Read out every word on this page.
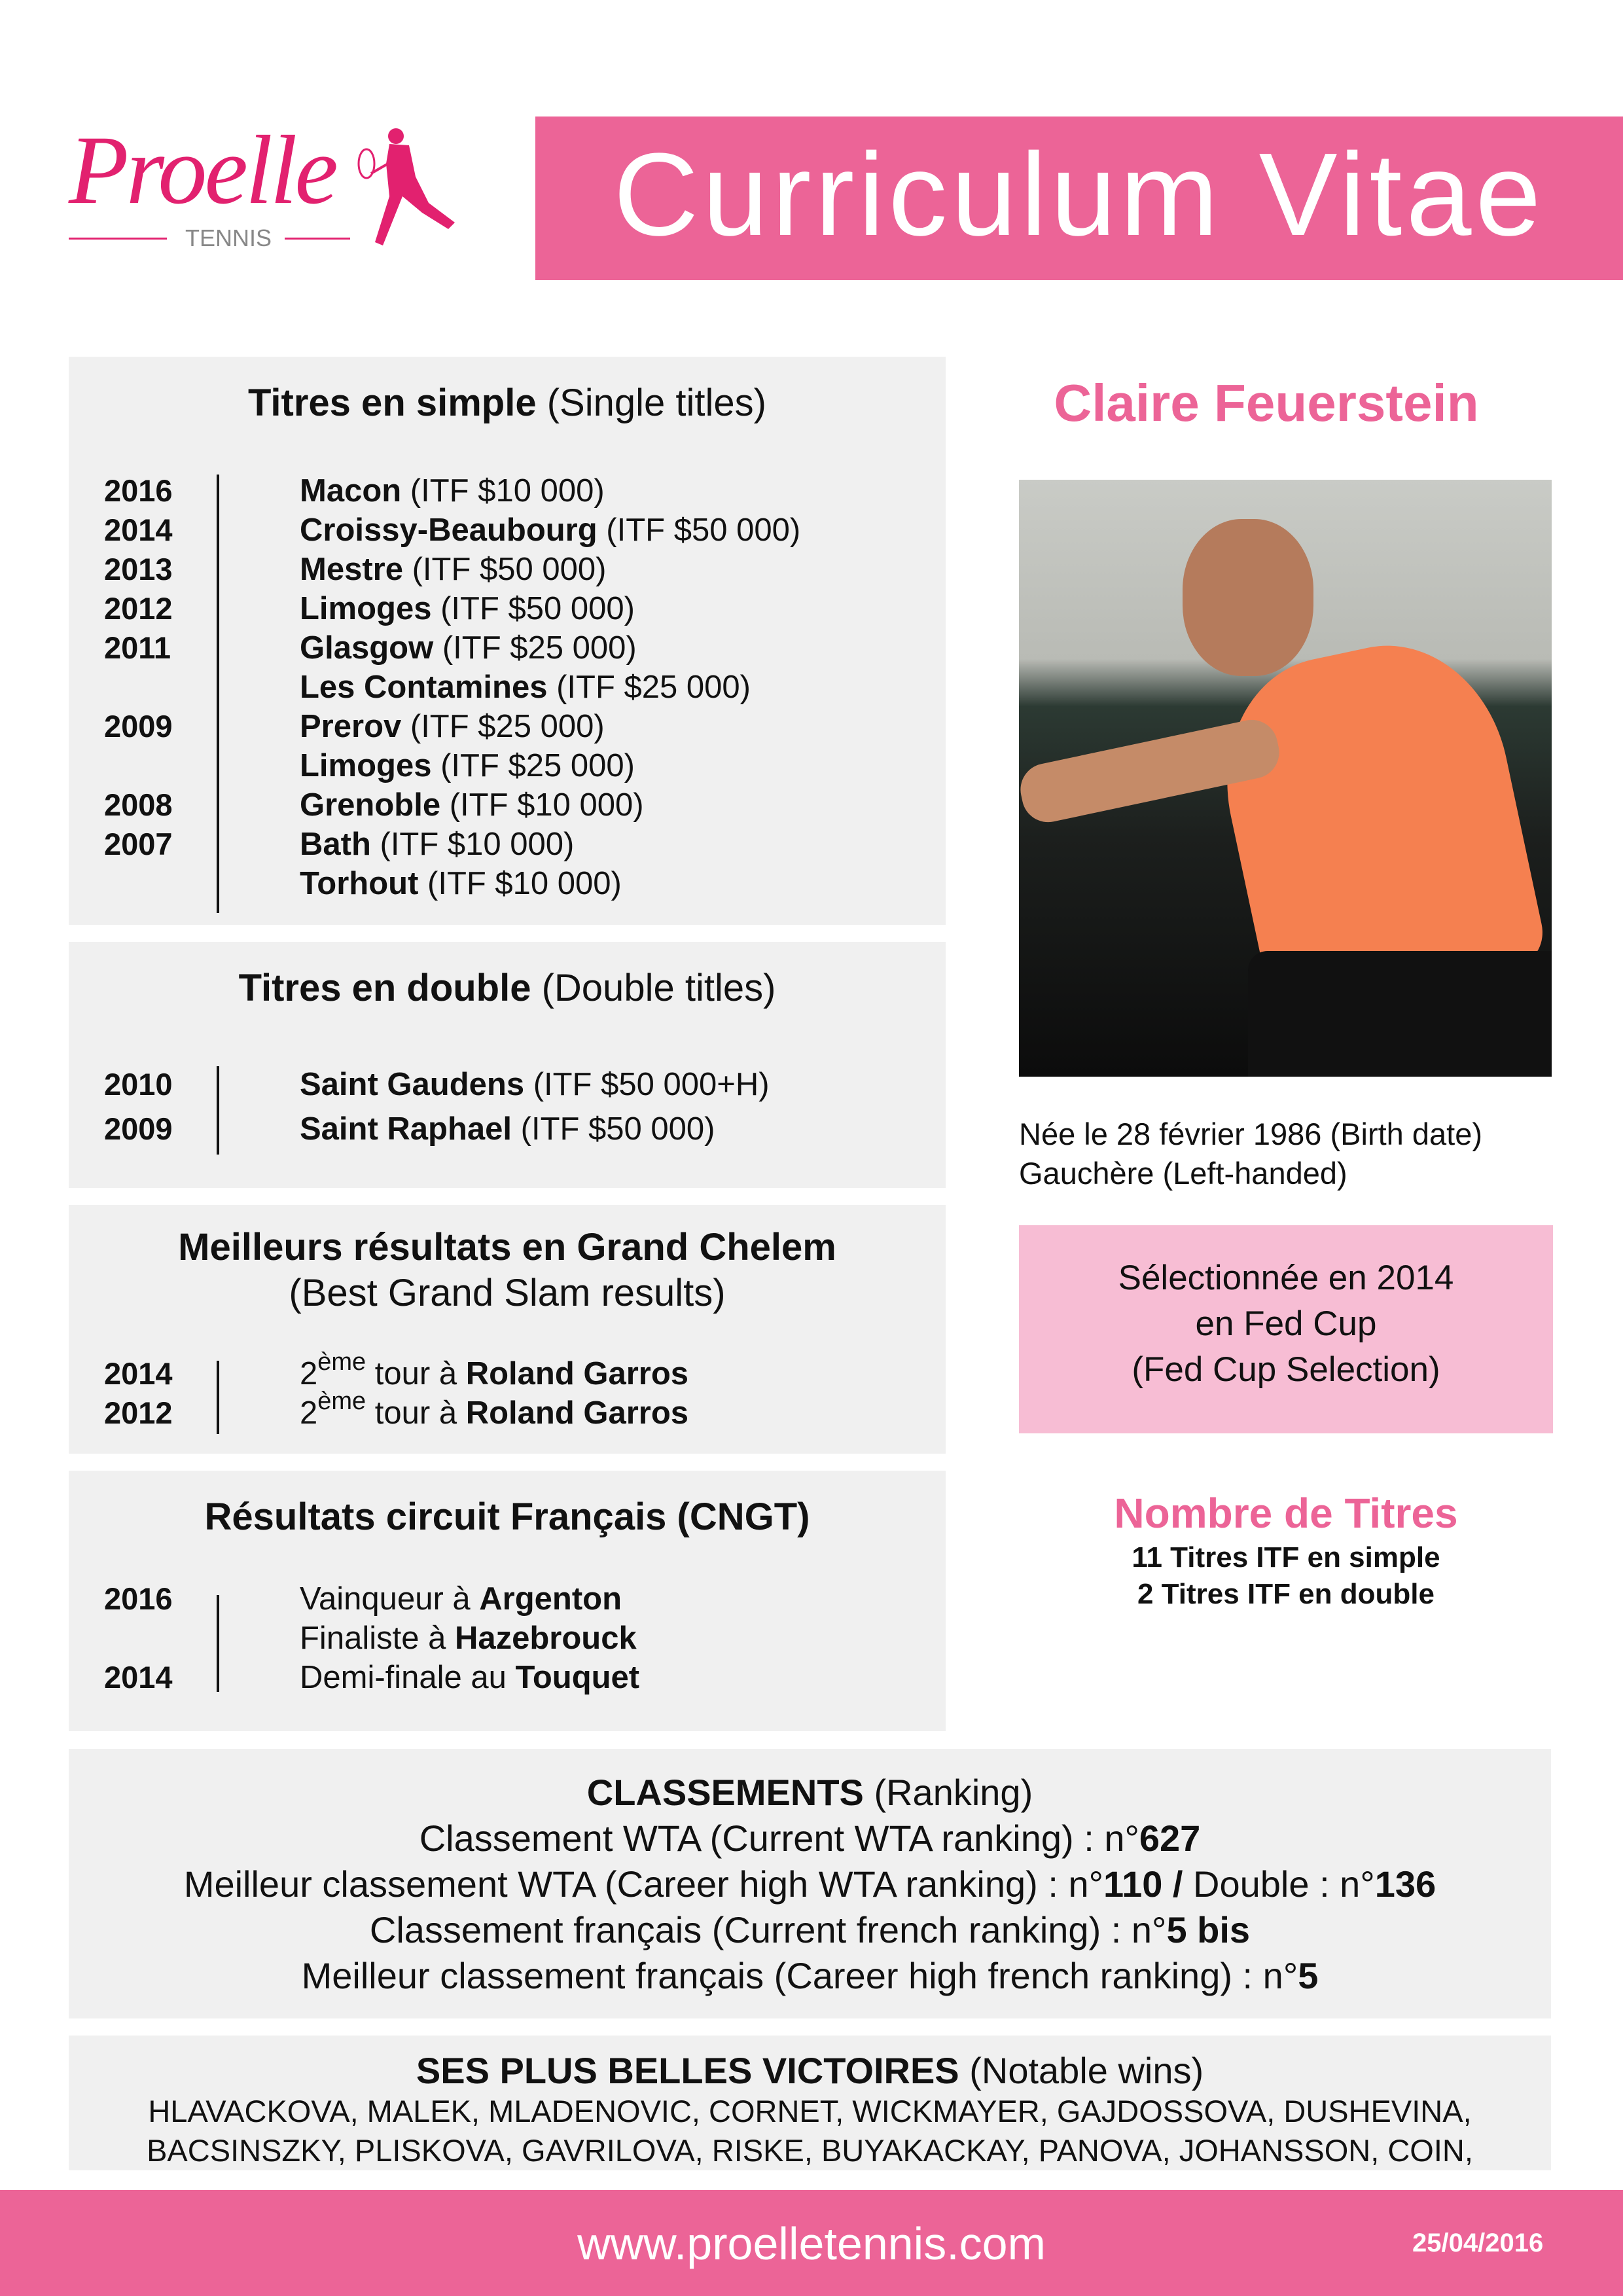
Proelle
TENNIS	Curriculum Vitae
Titres en simple (Single titles)
2016	Macon (ITF $10 000)
2014	Croissy-Beaubourg (ITF $50 000)
2013	Mestre (ITF $50 000)
2012	Limoges (ITF $50 000)
2011	Glasgow (ITF $25 000)
Les Contamines (ITF $25 000)
2009	Prerov (ITF $25 000)
Limoges (ITF $25 000)
2008	Grenoble (ITF $10 000)
2007	Bath (ITF $10 000)
Torhout (ITF $10 000)
Titres en double (Double titles)
2010	Saint Gaudens (ITF $50 000+H)
2009	Saint Raphael (ITF $50 000)
Meilleurs résultats en Grand Chelem
(Best Grand Slam results)
2014	2ème tour à Roland Garros
2012	2ème tour à Roland Garros
Résultats circuit Français (CNGT)
2016	Vainqueur à Argenton
Finaliste à Hazebrouck
2014	Demi-finale au Touquet
Claire Feuerstein
Née le 28 février 1986 (Birth date)
Gauchère (Left-handed)
Sélectionnée en 2014
en Fed Cup
(Fed Cup Selection)
Nombre de Titres
11 Titres ITF en simple
2 Titres ITF en double
CLASSEMENTS (Ranking)
Classement WTA (Current WTA ranking) : n°627
Meilleur classement WTA (Career high WTA ranking) : n°110 / Double : n°136
Classement français (Current french ranking) : n°5 bis
Meilleur classement français (Career high french ranking) : n°5
SES PLUS BELLES VICTOIRES (Notable wins)
HLAVACKOVA, MALEK, MLADENOVIC, CORNET, WICKMAYER, GAJDOSSOVA, DUSHEVINA,
BACSINSZKY, PLISKOVA, GAVRILOVA, RISKE, BUYAKACKAY, PANOVA, JOHANSSON, COIN,
www.proelletennis.com	25/04/2016
